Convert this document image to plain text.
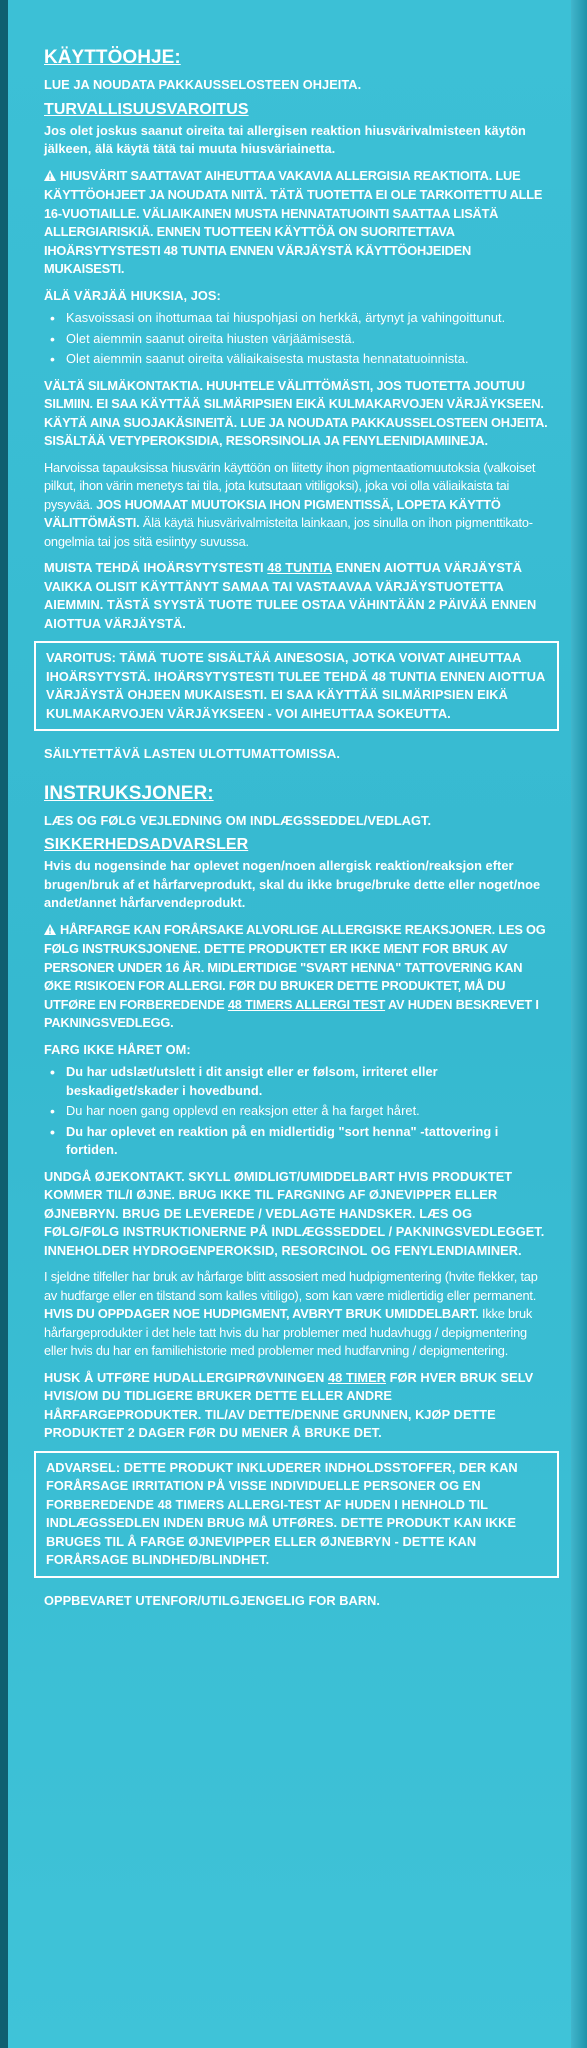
KÄYTTÖOHJE:
LUE JA NOUDATA PAKKAUSSELOSTEEN OHJEITA.
TURVALLISUUSVAROITUS
Jos olet joskus saanut oireita tai allergisen reaktion hiusvärivalmisteen käytön jälkeen, älä käytä tätä tai muuta hiusväriainetta.
HIUSVÄRIT SAATTAVAT AIHEUTTAA VAKAVIA ALLERGISIA REAKTIOITA. LUE KÄYTTÖOHJEET JA NOUDATA NIITÄ. TÄTÄ TUOTETTA EI OLE TARKOITETTU ALLE 16-VUOTIAILLE. VÄLIAIKAINEN MUSTA HENNATATUOINTI SAATTAA LISÄTÄ ALLERGIARISKIÄ. ENNEN TUOTTEEN KÄYTTÖÄ ON SUORITETTAVA IHOÄRSYTYSTESTI 48 TUNTIA ENNEN VÄRJÄYSTÄ KÄYTTÖOHJEIDEN MUKAISESTI.
ÄLÄ VÄRJÄÄ HIUKSIA, JOS:
• Kasvoissasi on ihottumaa tai hiuspohjasi on herkkä, ärtynyt ja vahingoittunut.
• Olet aiemmin saanut oireita hiusten värjäämisestä.
• Olet aiemmin saanut oireita väliaikaisesta mustasta hennatatuoinnista.
VÄLTÄ SILMÄKONTAKTIA. HUUHTELE VÄLITTÖMÄSTI, JOS TUOTETTA JOUTUU SILMIIN. EI SAA KÄYTTÄÄ SILMÄRIPSIEN EIKÄ KULMAKARVOJEN VÄRJÄYKSEEN. KÄYTÄ AINA SUOJAKÄSINEITÄ. LUE JA NOUDATA PAKKAUSSELOSTEEN OHJEITA. SISÄLTÄÄ VETYPEROKSIDIA, RESORSINOLIA JA FENYLEENIDIAMIINEJA.
Harvoissa tapauksissa hiusvärin käyttöön on liitetty ihon pigmentaatiomuutoksia (valkoiset pilkut, ihon värin menetys tai tila, jota kutsutaan vitiligoksi), joka voi olla väliaikaista tai pysyvää. JOS HUOMAAT MUUTOKSIA IHON PIGMENTISSÄ, LOPETA KÄYTTÖ VÄLITTÖMÄSTI. Älä käytä hiusvärivalmisteita lainkaan, jos sinulla on ihon pigmenttikato-ongelmia tai jos sitä esiintyy suvussa.
MUISTA TEHDÄ IHOÄRSYTYSTESTI 48 TUNTIA ENNEN AIOTTUA VÄRJÄYSTÄ VAIKKA OLISIT KÄYTTÄNYT SAMAA TAI VASTAAVAA VÄRJÄYSTUOTETTA AIEMMIN. TÄSTÄ SYYSTÄ TUOTE TULEE OSTAA VÄHINTÄÄN 2 PÄIVÄÄ ENNEN AIOTTUA VÄRJÄYSTÄ.
VAROITUS: TÄMÄ TUOTE SISÄLTÄÄ AINESOSIA, JOTKA VOIVAT AIHEUTTAA IHOÄRSYTYSTÄ. IHOÄRSYTYSTESTI TULEE TEHDÄ 48 TUNTIA ENNEN AIOTTUA VÄRJÄYSTÄ OHJEEN MUKAISESTI. EI SAA KÄYTTÄÄ SILMÄRIPSIEN EIKÄ KULMAKARVOJEN VÄRJÄYKSEEN - VOI AIHEUTTAA SOKEUTTA.
SÄILYTETTÄVÄ LASTEN ULOTTUMATTOMISSA.
INSTRUKSJONER:
LÆS OG FØLG VEJLEDNING OM INDLÆGSSEDDEL/VEDLAGT.
SIKKERHEDSADVARSLER
Hvis du nogensinde har oplevet nogen/noen allergisk reaktion/reaksjon efter brugen/bruk af et hårfarveprodukt, skal du ikke bruge/bruke dette eller noget/noe andet/annet hårfarvendeprodukt.
HÅRFARGE KAN FORÅRSAKE ALVORLIGE ALLERGISKE REAKSJONER. LES OG FØLG INSTRUKSJONENE. DETTE PRODUKTET ER IKKE MENT FOR BRUK AV PERSONER UNDER 16 ÅR. MIDLERTIDIGE "SVART HENNA" TATTOVERING KAN ØKE RISIKOEN FOR ALLERGI. FØR DU BRUKER DETTE PRODUKTET, MÅ DU UTFØRE EN FORBEREDENDE 48 TIMERS ALLERGI TEST AV HUDEN BESKREVET I PAKNINGSVEDLEGG.
FARG IKKE HÅRET OM:
• Du har udslæt/utslett i dit ansigt eller er følsom, irriteret eller beskadiget/skader i hovedbund.
• Du har noen gang opplevd en reaksjon etter å ha farget håret.
• Du har oplevet en reaktion på en midlertidig "sort henna" -tattovering i fortiden.
UNDGÅ ØJEKONTAKT. SKYLL ØMIDLIGT/UMIDDELBART HVIS PRODUKTET KOMMER TIL/I ØJNE. BRUG IKKE TIL FARGNING AF ØJNEVIPPER ELLER ØJNEBRYN. BRUG DE LEVEREDE / VEDLAGTE HANDSKER. LÆS OG FØLG/FØLG INSTRUKTIONERNE PÅ INDLÆGSSEDDEL / PAKNINGSVEDLEGGET. INNEHOLDER HYDROGENPEROKSID, RESORCINOL OG FENYLENDIAMINER.
I sjeldne tilfeller har bruk av hårfarge blitt assosiert med hudpigmentering (hvite flekker, tap av hudfarge eller en tilstand som kalles vitiligo), som kan være midlertidig eller permanent. HVIS DU OPPDAGER NOE HUDPIGMENT, AVBRYT BRUK UMIDDELBART. Ikke bruk hårfargeprodukter i det hele tatt hvis du har problemer med hudavhugg / depigmentering eller hvis du har en familiehistorie med problemer med hudfarvning / depigmentering.
HUSK Å UTFØRE HUDALLERGIPRØVNINGEN 48 TIMER FØR HVER BRUK SELV HVIS/OM DU TIDLIGERE BRUKER DETTE ELLER ANDRE HÅRFARGEPRODUKTER. TIL/AV DETTE/DENNE GRUNNEN, KJØP DETTE PRODUKTET 2 DAGER FØR DU MENER Å BRUKE DET.
ADVARSEL: DETTE PRODUKT INKLUDERER INDHOLDSSTOFFER, DER KAN FORÅRSAGE IRRITATION PÅ VISSE INDIVIDUELLE PERSONER OG EN FORBEREDENDE 48 TIMERS ALLERGI-TEST AF HUDEN I HENHOLD TIL INDLÆGSSEDLEN INDEN BRUG MÅ UTFØRES. DETTE PRODUKT KAN IKKE BRUGES TIL Å FARGE ØJNEVIPPER ELLER ØJNEBRYN - DETTE KAN FORÅRSAGE BLINDHED/BLINDHET.
OPPBEVARET UTENFOR/UTILGJENGELIG FOR BARN.
